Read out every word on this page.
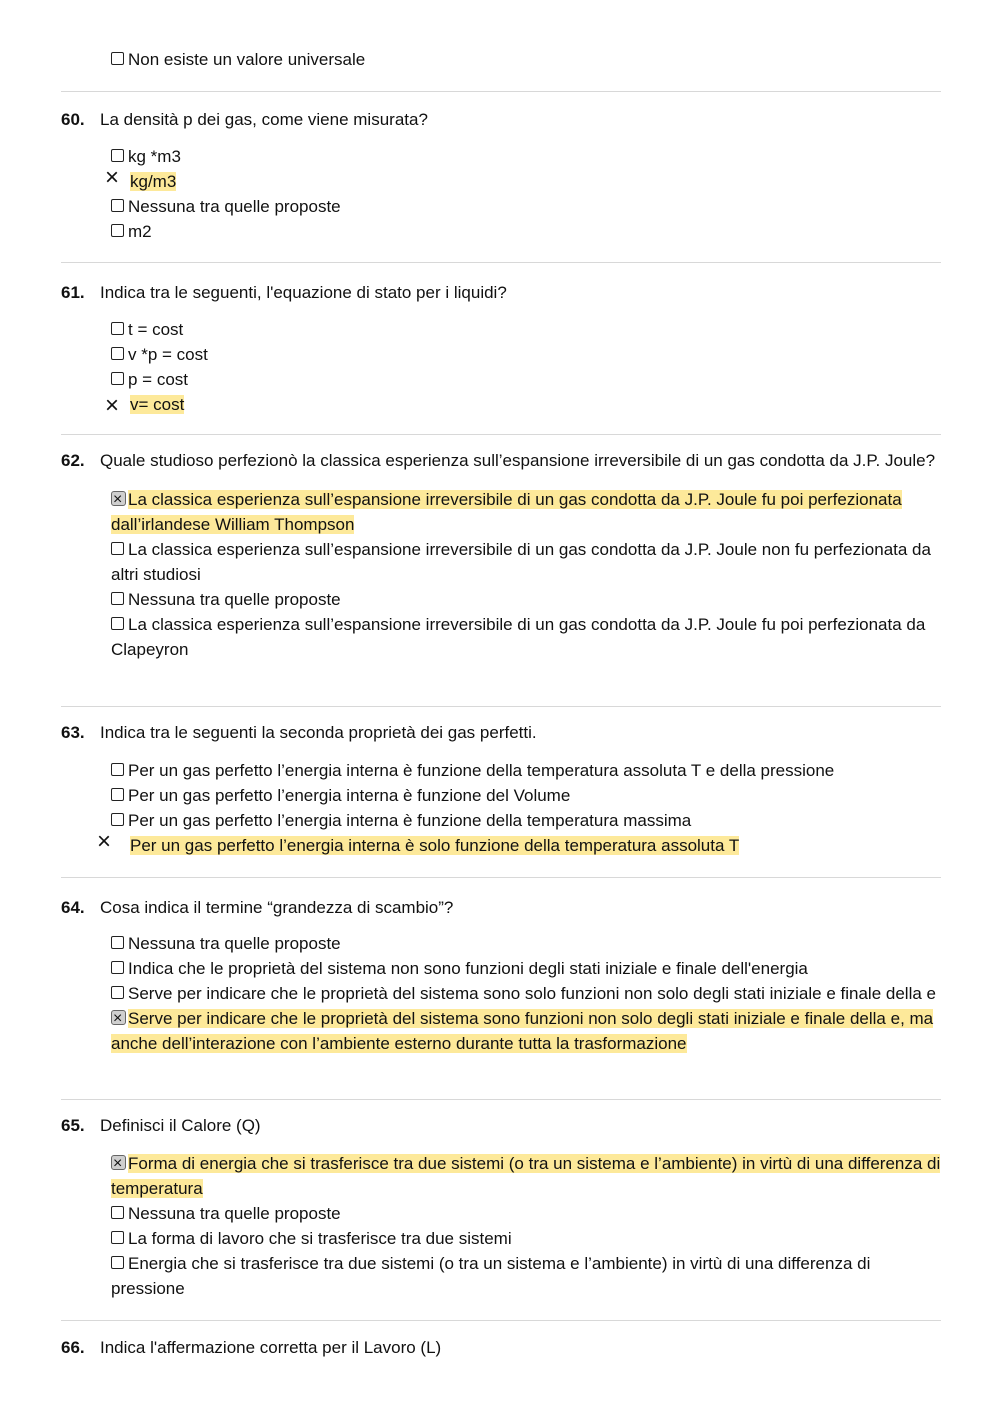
Non esiste un valore universale
60. La densità p dei gas, come viene misurata?
kg *m3
× kg/m3
Nessuna tra quelle proposte
m2
61. Indica tra le seguenti, l'equazione di stato per i liquidi?
t = cost
v *p = cost
p = cost
× v= cost
62. Quale studioso perfezionò la classica esperienza sull’espansione irreversibile di un gas condotta da J.P. Joule?
×La classica esperienza sull’espansione irreversibile di un gas condotta da J.P. Joule fu poi perfezionata dall’irlandese William Thompson
La classica esperienza sull’espansione irreversibile di un gas condotta da J.P. Joule non fu perfezionata da altri studiosi
Nessuna tra quelle proposte
La classica esperienza sull’espansione irreversibile di un gas condotta da J.P. Joule fu poi perfezionata da Clapeyron
63. Indica tra le seguenti la seconda proprietà dei gas perfetti.
Per un gas perfetto l’energia interna è funzione della temperatura assoluta T e della pressione
Per un gas perfetto l’energia interna è funzione del Volume
Per un gas perfetto l’energia interna è funzione della temperatura massima
× Per un gas perfetto l’energia interna è solo funzione della temperatura assoluta T
64. Cosa indica il termine “grandezza di scambio”?
Nessuna tra quelle proposte
Indica che le proprietà del sistema non sono funzioni degli stati iniziale e finale dell'energia
Serve per indicare che le proprietà del sistema sono solo funzioni non solo degli stati iniziale e finale della e
×Serve per indicare che le proprietà del sistema sono funzioni non solo degli stati iniziale e finale della e, ma anche dell’interazione con l’ambiente esterno durante tutta la trasformazione
65. Definisci il Calore (Q)
×Forma di energia che si trasferisce tra due sistemi (o tra un sistema e l’ambiente) in virtù di una differenza di temperatura
Nessuna tra quelle proposte
La forma di lavoro che si trasferisce tra due sistemi
Energia che si trasferisce tra due sistemi (o tra un sistema e l’ambiente) in virtù di una differenza di pressione
66. Indica l'affermazione corretta per il Lavoro (L)
